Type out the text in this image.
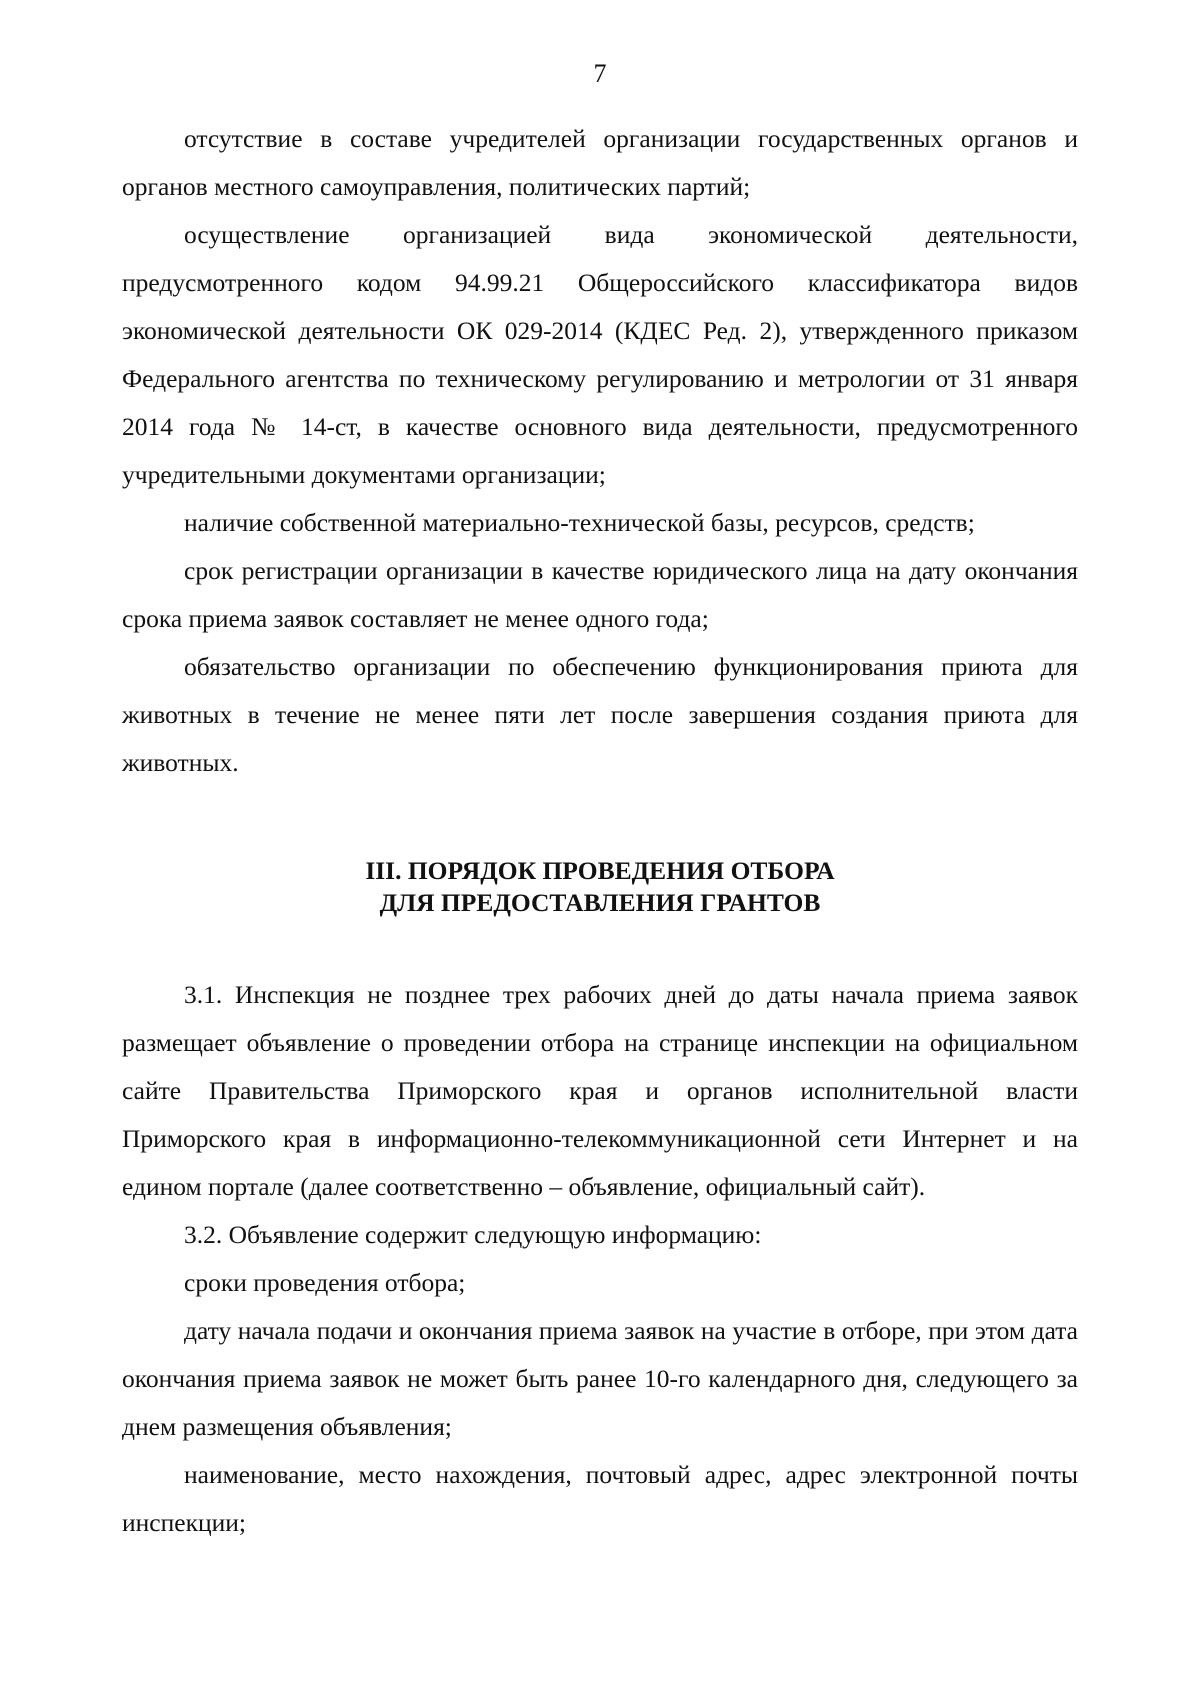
7

отсутствие в составе учредителей организации государственных органов и органов местного самоуправления, политических партий;

осуществление организацией вида экономической деятельности, предусмотренного кодом 94.99.21 Общероссийского классификатора видов экономической деятельности ОК 029-2014 (КДЕС Ред. 2), утвержденного приказом Федерального агентства по техническому регулированию и метрологии от 31 января 2014 года № 14-ст, в качестве основного вида деятельности, предусмотренного учредительными документами организации;

наличие собственной материально-технической базы, ресурсов, средств;

срок регистрации организации в качестве юридического лица на дату окончания срока приема заявок составляет не менее одного года;

обязательство организации по обеспечению функционирования приюта для животных в течение не менее пяти лет после завершения создания приюта для животных.

III. ПОРЯДОК ПРОВЕДЕНИЯ ОТБОРА
ДЛЯ ПРЕДОСТАВЛЕНИЯ ГРАНТОВ

3.1. Инспекция не позднее трех рабочих дней до даты начала приема заявок размещает объявление о проведении отбора на странице инспекции на официальном сайте Правительства Приморского края и органов исполнительной власти Приморского края в информационно-телекоммуникационной сети Интернет и на едином портале (далее соответственно – объявление, официальный сайт).

3.2. Объявление содержит следующую информацию:

сроки проведения отбора;

дату начала подачи и окончания приема заявок на участие в отборе, при этом дата окончания приема заявок не может быть ранее 10-го календарного дня, следующего за днем размещения объявления;

наименование, место нахождения, почтовый адрес, адрес электронной почты инспекции;
